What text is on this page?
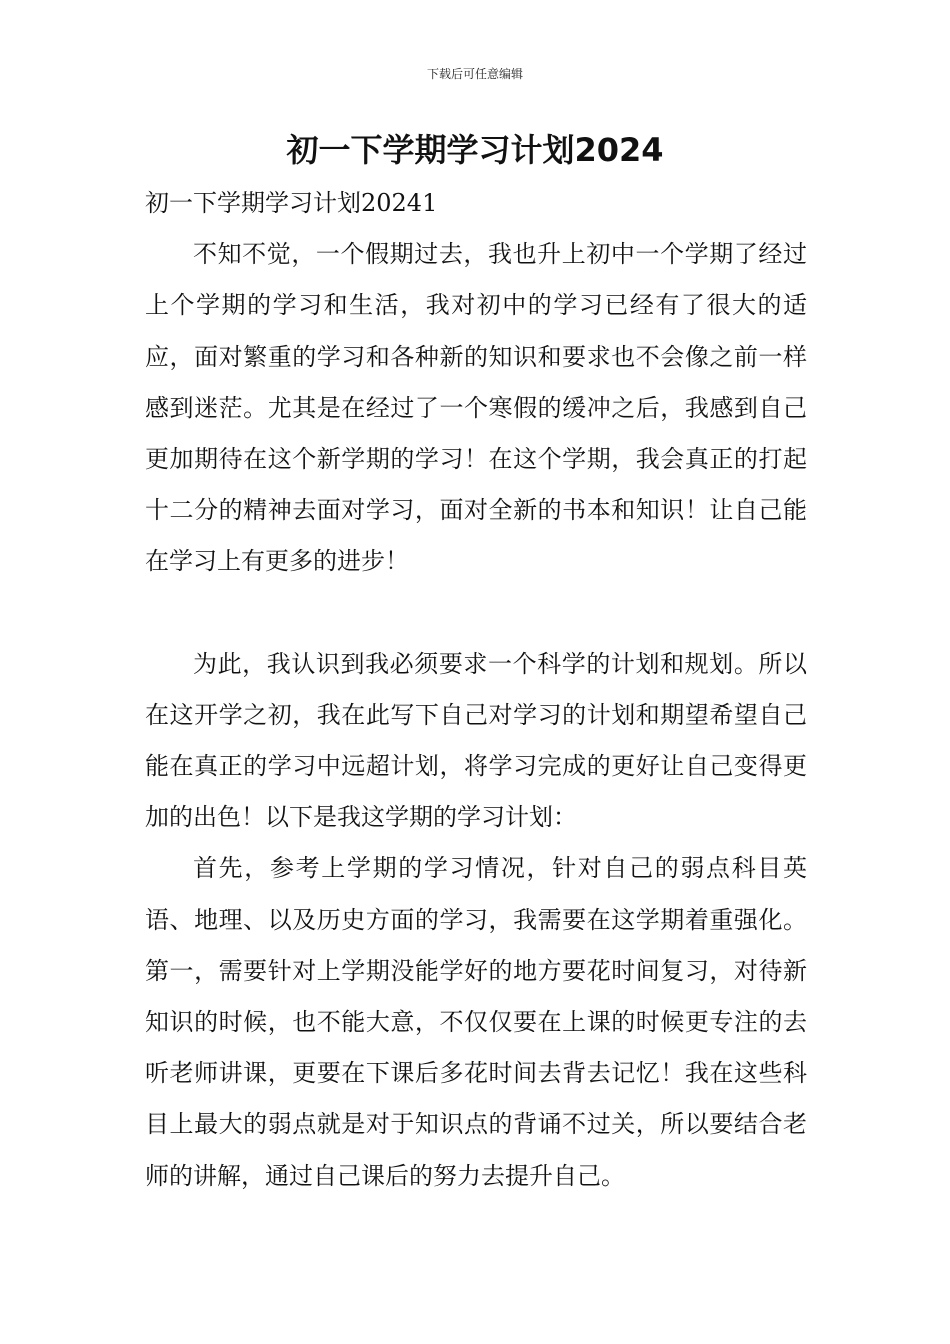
下载后可任意编辑
初一下学期学习计划2024

初一下学期学习计划20241

不知不觉，一个假期过去，我也升上初中一个学期了经过上个学期的学习和生活，我对初中的学习已经有了很大的适应，面对繁重的学习和各种新的知识和要求也不会像之前一样感到迷茫。尤其是在经过了一个寒假的缓冲之后，我感到自己更加期待在这个新学期的学习！在这个学期，我会真正的打起十二分的精神去面对学习，面对全新的书本和知识！让自己能在学习上有更多的进步！

为此，我认识到我必须要求一个科学的计划和规划。所以在这开学之初，我在此写下自己对学习的计划和期望希望自己能在真正的学习中远超计划，将学习完成的更好让自己变得更加的出色！以下是我这学期的学习计划：

首先，参考上学期的学习情况，针对自己的弱点科目英语、地理、以及历史方面的学习，我需要在这学期着重强化。第一，需要针对上学期没能学好的地方要花时间复习，对待新知识的时候，也不能大意，不仅仅要在上课的时候更专注的去听老师讲课，更要在下课后多花时间去背去记忆！我在这些科目上最大的弱点就是对于知识点的背诵不过关，所以要结合老师的讲解，通过自己课后的努力去提升自己。
